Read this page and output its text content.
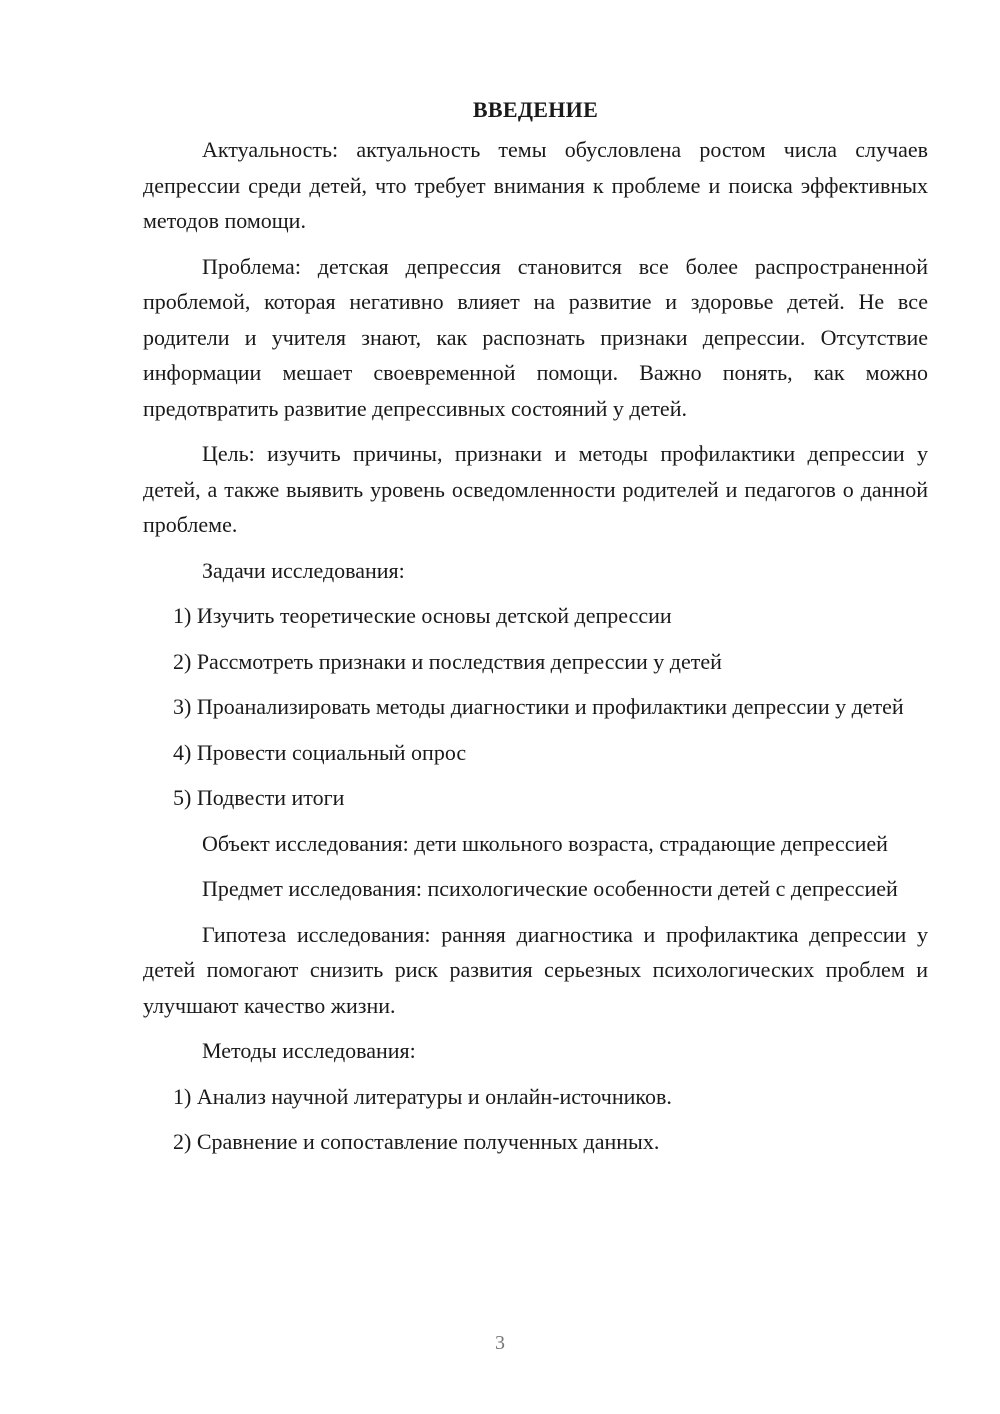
ВВЕДЕНИЕ

Актуальность: актуальность темы обусловлена ростом числа случаев депрессии среди детей, что требует внимания к проблеме и поиска эффективных методов помощи.

Проблема: детская депрессия становится все более распространенной проблемой, которая негативно влияет на развитие и здоровье детей. Не все родители и учителя знают, как распознать признаки депрессии. Отсутствие информации мешает своевременной помощи. Важно понять, как можно предотвратить развитие депрессивных состояний у детей.

Цель: изучить причины, признаки и методы профилактики депрессии у детей, а также выявить уровень осведомленности родителей и педагогов о данной проблеме.

Задачи исследования:

1) Изучить теоретические основы детской депрессии

2) Рассмотреть признаки и последствия депрессии у детей

3) Проанализировать методы диагностики и профилактики депрессии у детей

4) Провести социальный опрос

5) Подвести итоги

Объект исследования: дети школьного возраста, страдающие депрессией

Предмет исследования: психологические особенности детей с депрессией

Гипотеза исследования: ранняя диагностика и профилактика депрессии у детей помогают снизить риск развития серьезных психологических проблем и улучшают качество жизни.

Методы исследования:

1) Анализ научной литературы и онлайн-источников.

2) Сравнение и сопоставление полученных данных.

3
